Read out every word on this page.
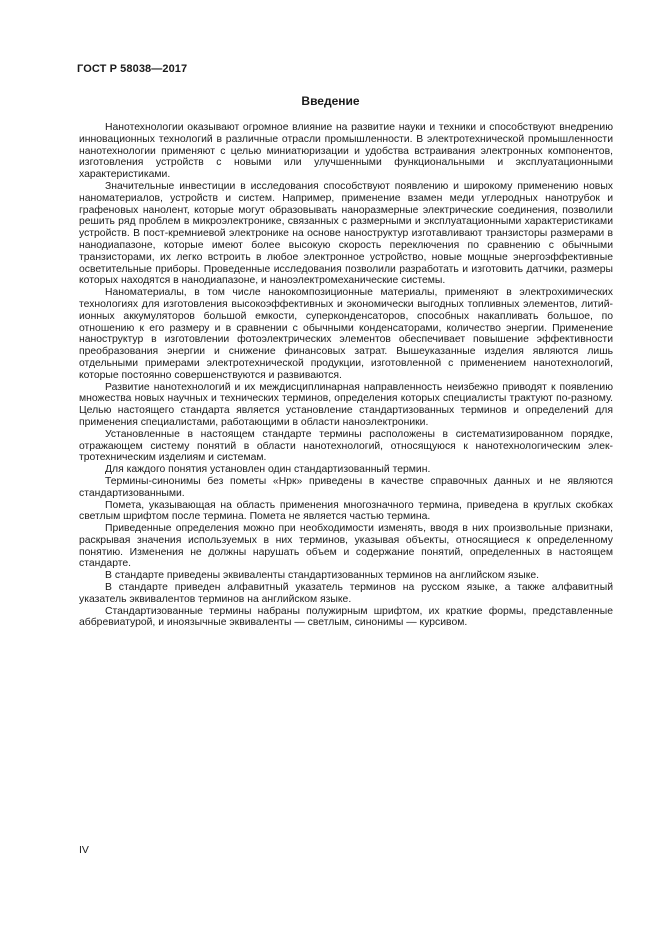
ГОСТ Р 58038—2017
Введение

Нанотехнологии оказывают огромное влияние на развитие науки и техники и способствуют внедрению инновационных технологий в различные отрасли промышленности. В электротехнической промышленности нанотехнологии применяют с целью миниатюризации и удобства встраивания электронных компонентов, изготовления устройств с новыми или улучшенными функциональными и эксплуатационными характеристиками.

Значительные инвестиции в исследования способствуют появлению и широкому применению новых наноматериалов, устройств и систем. Например, применение взамен меди углеродных нанотрубок и графеновых нанолент, которые могут образовывать наноразмерные электрические соединения, позволили решить ряд проблем в микроэлектронике, связанных с размерными и эксплуатационными характеристиками устройств. В пост-кремниевой электронике на основе наноструктур изготавливают транзисторы размерами в нанодиапазоне, которые имеют более высокую скорость переключения по сравнению с обычными транзисторами, их легко встроить в любое электронное устройство, новые мощные энергоэффективные осветительные приборы. Проведенные исследования позволили разработать и изготовить датчики, размеры которых находятся в нанодиапазоне, и наноэлектромеханические системы.

Наноматериалы, в том числе нанокомпозиционные материалы, применяют в электрохимических технологиях для изготовления высокоэффективных и экономически выгодных топливных элементов, литий-ионных аккумуляторов большой емкости, суперконденсаторов, способных накапливать большое, по отношению к его размеру и в сравнении с обычными конденсаторами, количество энергии. Применение наноструктур в изготовлении фотоэлектрических элементов обеспечивает повышение эффективности преобразования энергии и снижение финансовых затрат. Вышеуказанные изделия являются лишь отдельными примерами электротехнической продукции, изготовленной с применением нанотехнологий, которые постоянно совершенствуются и развиваются.

Развитие нанотехнологий и их междисциплинарная направленность неизбежно приводят к появлению множества новых научных и технических терминов, определения которых специалисты трактуют по-разному. Целью настоящего стандарта является установление стандартизованных терминов и определений для применения специалистами, работающими в области наноэлектроники.

Установленные в настоящем стандарте термины расположены в систематизированном порядке, отражающем систему понятий в области нанотехнологий, относящуюся к нанотехнологическим электротехническим изделиям и системам.

Для каждого понятия установлен один стандартизованный термин.

Термины-синонимы без пометы «Нрк» приведены в качестве справочных данных и не являются стандартизованными.

Помета, указывающая на область применения многозначного термина, приведена в круглых скобках светлым шрифтом после термина. Помета не является частью термина.

Приведенные определения можно при необходимости изменять, вводя в них произвольные признаки, раскрывая значения используемых в них терминов, указывая объекты, относящиеся к определенному понятию. Изменения не должны нарушать объем и содержание понятий, определенных в настоящем стандарте.

В стандарте приведены эквиваленты стандартизованных терминов на английском языке.

В стандарте приведен алфавитный указатель терминов на русском языке, а также алфавитный указатель эквивалентов терминов на английском языке.

Стандартизованные термины набраны полужирным шрифтом, их краткие формы, представленные аббревиатурой, и иноязычные эквиваленты — светлым, синонимы — курсивом.

IV
